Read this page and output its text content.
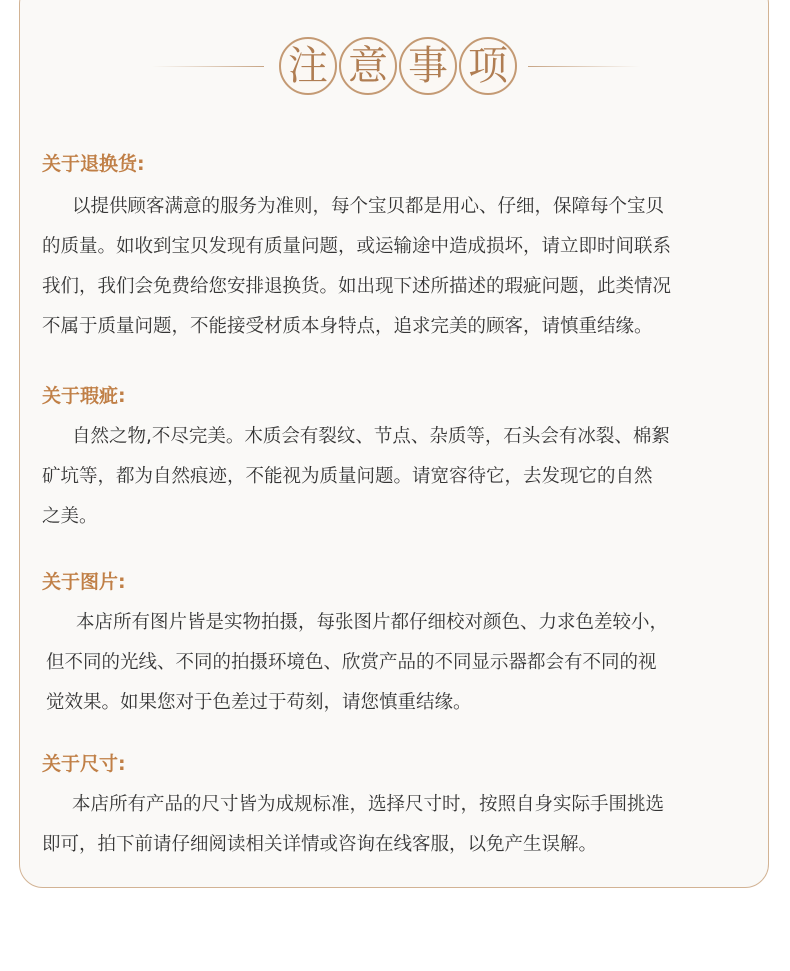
注 意 事 项
关于退换货:
以提供顾客满意的服务为准则，每个宝贝都是用心、仔细，保障每个宝贝
的质量。如收到宝贝发现有质量问题，或运输途中造成损坏，请立即时间联系
我们，我们会免费给您安排退换货。如出现下述所描述的瑕疵问题，此类情况
不属于质量问题，不能接受材质本身特点，追求完美的顾客，请慎重结缘。
关于瑕疵:
自然之物,不尽完美。木质会有裂纹、节点、杂质等，石头会有冰裂、棉絮
矿坑等，都为自然痕迹，不能视为质量问题。请宽容待它，去发现它的自然
之美。
关于图片:
本店所有图片皆是实物拍摄，每张图片都仔细校对颜色、力求色差较小，
但不同的光线、不同的拍摄环境色、欣赏产品的不同显示器都会有不同的视
觉效果。如果您对于色差过于苟刻，请您慎重结缘。
关于尺寸:
本店所有产品的尺寸皆为成规标准，选择尺寸时，按照自身实际手围挑选
即可，拍下前请仔细阅读相关详情或咨询在线客服，以免产生误解。
